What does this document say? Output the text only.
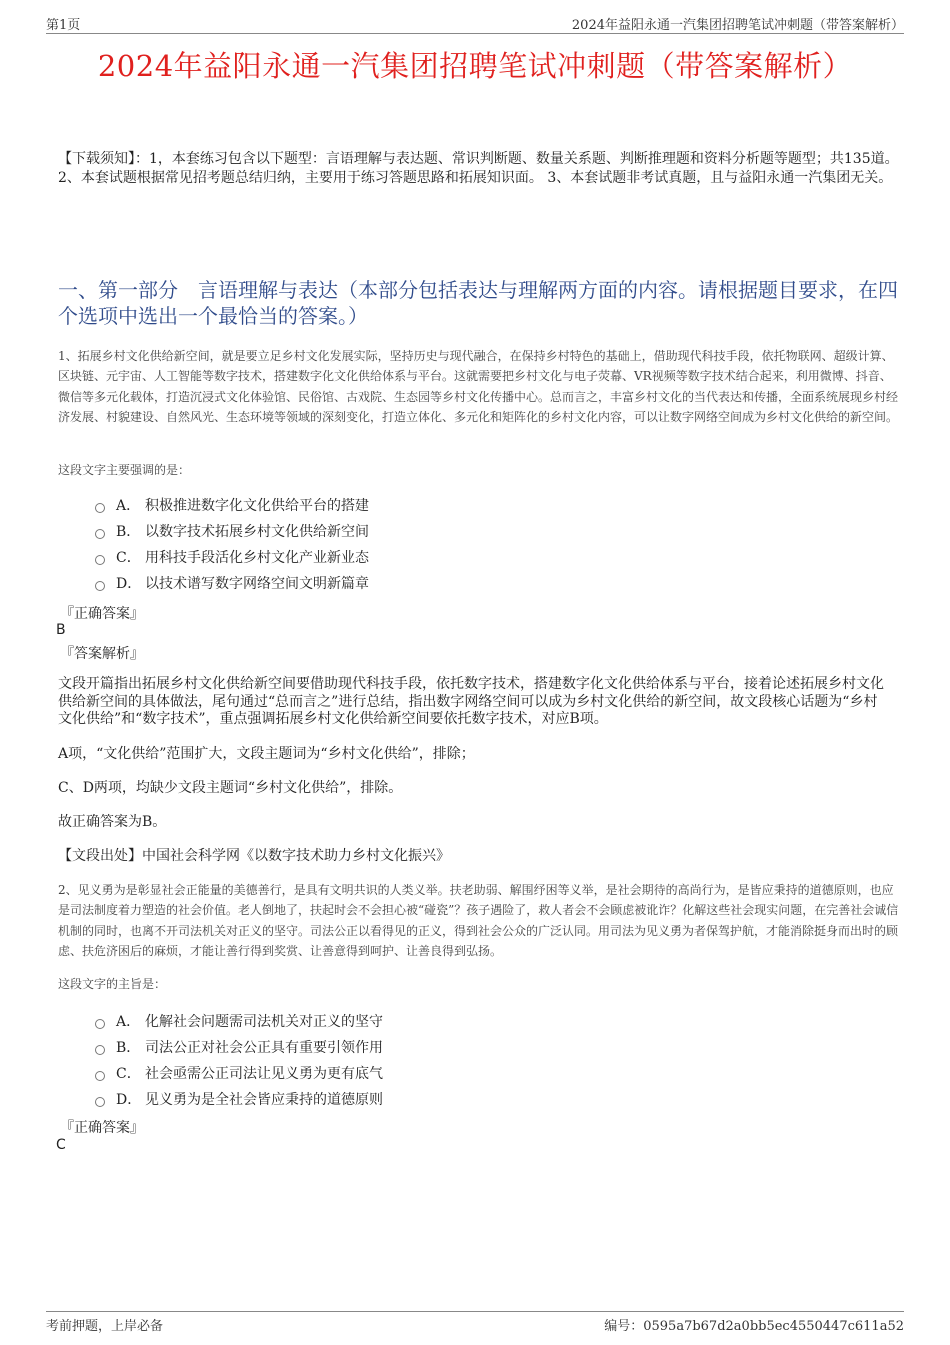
第1页	2024年益阳永通一汽集团招聘笔试冲刺题（带答案解析）
2024年益阳永通一汽集团招聘笔试冲刺题（带答案解析）
【下载须知】：1，本套练习包含以下题型：言语理解与表达题、常识判断题、数量关系题、判断推理题和资料分析题等题型；共135道。 2、本套试题根据常见招考题总结归纳，主要用于练习答题思路和拓展知识面。 3、本套试题非考试真题，且与益阳永通一汽集团无关。
一、第一部分　言语理解与表达（本部分包括表达与理解两方面的内容。请根据题目要求，在四个选项中选出一个最恰当的答案。）
1、拓展乡村文化供给新空间，就是要立足乡村文化发展实际，坚持历史与现代融合，在保持乡村特色的基础上，借助现代科技手段，依托物联网、超级计算、区块链、元宇宙、人工智能等数字技术，搭建数字化文化供给体系与平台。这就需要把乡村文化与电子荧幕、VR视频等数字技术结合起来，利用微博、抖音、微信等多元化载体，打造沉浸式文化体验馆、民俗馆、古戏院、生态园等乡村文化传播中心。总而言之，丰富乡村文化的当代表达和传播，全面系统展现乡村经济发展、村貌建设、自然风光、生态环境等领域的深刻变化，打造立体化、多元化和矩阵化的乡村文化内容，可以让数字网络空间成为乡村文化供给的新空间。
这段文字主要强调的是：
A． 积极推进数字化文化供给平台的搭建
B． 以数字技术拓展乡村文化供给新空间
C． 用科技手段活化乡村文化产业新业态
D． 以技术谱写数字网络空间文明新篇章
『正确答案』
B
『答案解析』
文段开篇指出拓展乡村文化供给新空间要借助现代科技手段，依托数字技术，搭建数字化文化供给体系与平台，接着论述拓展乡村文化供给新空间的具体做法，尾句通过“总而言之”进行总结，指出数字网络空间可以成为乡村文化供给的新空间，故文段核心话题为“乡村文化供给”和“数字技术”，重点强调拓展乡村文化供给新空间要依托数字技术，对应B项。
A项，“文化供给”范围扩大，文段主题词为“乡村文化供给”，排除；
C、D两项，均缺少文段主题词“乡村文化供给”，排除。
故正确答案为B。
【文段出处】中国社会科学网《以数字技术助力乡村文化振兴》
2、见义勇为是彰显社会正能量的美德善行，是具有文明共识的人类义举。扶老助弱、解围纾困等义举，是社会期待的高尚行为，是皆应秉持的道德原则，也应是司法制度着力塑造的社会价值。老人倒地了，扶起时会不会担心被“碰瓷”？孩子遇险了，救人者会不会顾虑被讹诈？化解这些社会现实问题，在完善社会诚信机制的同时，也离不开司法机关对正义的坚守。司法公正以看得见的正义，得到社会公众的广泛认同。用司法为见义勇为者保驾护航，才能消除挺身而出时的顾虑、扶危济困后的麻烦，才能让善行得到奖赏、让善意得到呵护、让善良得到弘扬。
这段文字的主旨是：
A． 化解社会问题需司法机关对正义的坚守
B． 司法公正对社会公正具有重要引领作用
C． 社会亟需公正司法让见义勇为更有底气
D． 见义勇为是全社会皆应秉持的道德原则
『正确答案』
C
考前押题，上岸必备	编号：0595a7b67d2a0bb5ec4550447c611a52
